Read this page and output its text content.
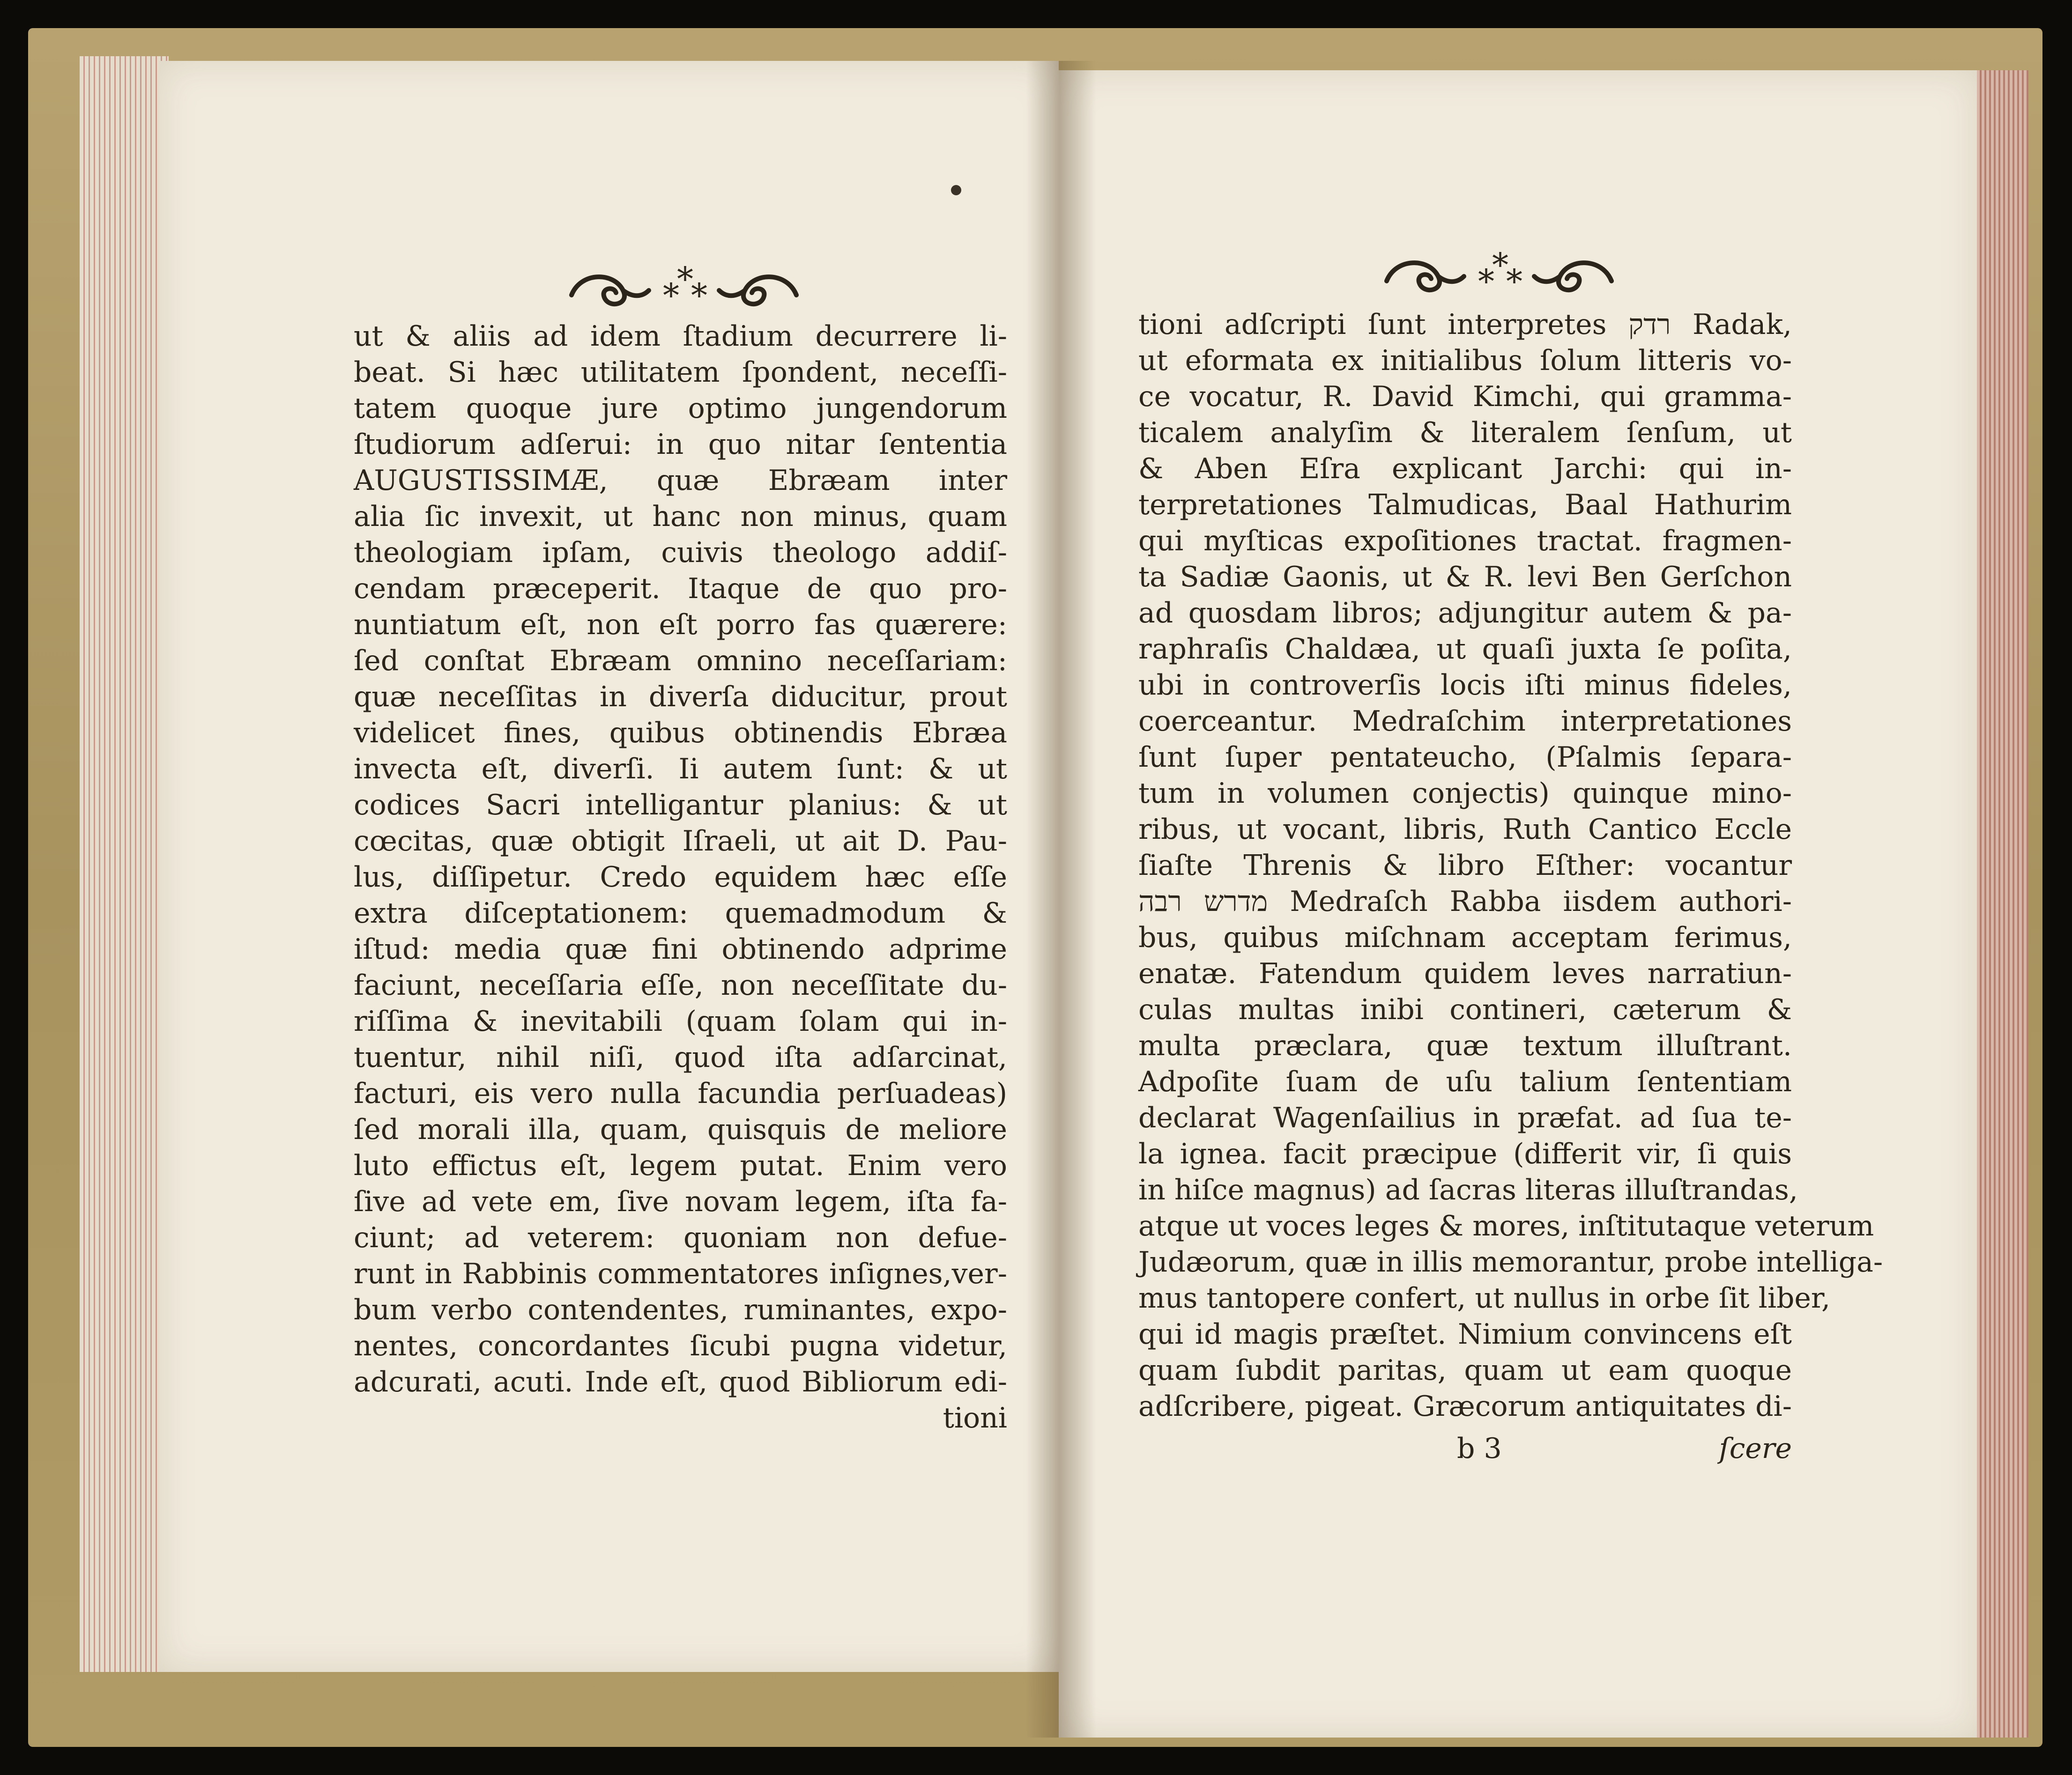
*
*
*	*
*
*
ut & aliis ad idem ſtadium decurrere li-
beat. Si hæc utilitatem ſpondent, neceſſi-
tatem quoque jure optimo jungendorum
ſtudiorum adſerui: in quo nitar ſententia
AUGUSTISSIMÆ, quæ Ebræam inter
alia ſic invexit, ut hanc non minus, quam
theologiam ipſam, cuivis theologo addiſ-
cendam præceperit. Itaque de quo pro-
nuntiatum eſt, non eſt porro fas quærere:
ſed conſtat Ebræam omnino neceſſariam:
quæ neceſſitas in diverſa diducitur, prout
videlicet fines, quibus obtinendis Ebræa
invecta eſt, diverſi. Ii autem ſunt: & ut
codices Sacri intelligantur planius: & ut
cœcitas, quæ obtigit Iſraeli, ut ait D. Pau-
lus, diſſipetur. Credo equidem hæc eſſe
extra diſceptationem: quemadmodum &
iſtud: media quæ fini obtinendo adprime
faciunt, neceſſaria eſſe, non neceſſitate du-
riſſima & inevitabili (quam ſolam qui in-
tuentur, nihil niſi, quod iſta adſarcinat,
facturi, eis vero nulla facundia perſuadeas)
ſed morali illa, quam, quisquis de meliore
luto effictus eſt, legem putat. Enim vero
ſive ad vete em, ſive novam legem, iſta fa-
ciunt; ad veterem: quoniam non defue-
runt in Rabbinis commentatores inſignes,ver-
bum verbo contendentes, ruminantes, expo-
nentes, concordantes ſicubi pugna videtur,
adcurati, acuti. Inde eſt, quod Bibliorum edi-
tioni
tioni adſcripti ſunt interpretes רדק Radak,
ut eformata ex initialibus ſolum litteris vo-
ce vocatur, R. David Kimchi, qui gramma-
ticalem analyſim & literalem ſenſum, ut
& Aben Eſra explicant Jarchi: qui in-
terpretationes Talmudicas, Baal Hathurim
qui myſticas expoſitiones tractat. fragmen-
ta Sadiæ Gaonis, ut & R. levi Ben Gerſchon
ad quosdam libros; adjungitur autem & pa-
raphraſis Chaldæa, ut quaſi juxta ſe poſita,
ubi in controverſis locis iſti minus fideles,
coerceantur. Medraſchim interpretationes
ſunt ſuper pentateucho, (Pſalmis ſepara-
tum in volumen conjectis) quinque mino-
ribus, ut vocant, libris, Ruth Cantico Eccle
ſiaſte Threnis & libro Eſther: vocantur
מדרש רבה Medraſch Rabba iisdem authori-
bus, quibus miſchnam acceptam ferimus,
enatæ. Fatendum quidem leves narratiun-
culas multas inibi contineri, cæterum &
multa præclara, quæ textum illuſtrant.
Adpoſite ſuam de uſu talium ſententiam
declarat Wagenſailius in præfat. ad ſua te-
la ignea. facit præcipue (differit vir, ſi quis
in hiſce magnus) ad ſacras literas illuſtrandas,
atque ut voces leges & mores, inſtitutaque veterum
Judæorum, quæ in illis memorantur, probe intelliga-
mus tantopere confert, ut nullus in orbe ſit liber,
qui id magis præſtet. Nimium convincens eſt
quam ſubdit paritas, quam ut eam quoque
adſcribere, pigeat. Græcorum antiquitates di-
b 3	ſcere
